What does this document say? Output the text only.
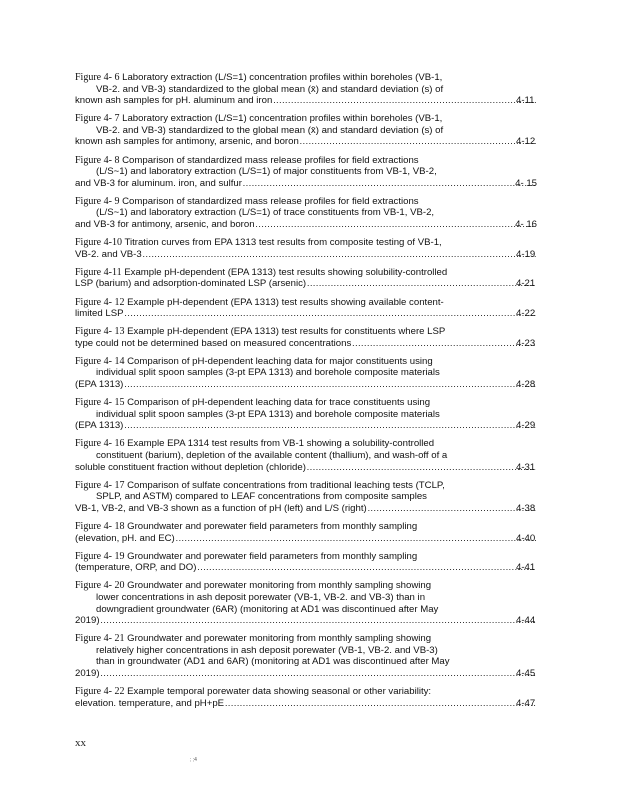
Figure 4- 6 Laboratory extraction (L/S=1) concentration profiles within boreholes (VB-1,
VB-2. and VB-3) standardized to the global mean (x̄) and standard deviation (s) of
known ash samples for pH. aluminum and iron .....	4-11
Figure 4- 7 Laboratory extraction (L/S=1) concentration profiles within boreholes (VB-1,
VB-2. and VB-3) standardized to the global mean (x̄) and standard deviation (s) of
known ash samples for antimony, arsenic, and boron .....	4-12
Figure 4- 8 Comparison of standardized mass release profiles for field extractions
(L/S~1) and laboratory extraction (L/S=1) of major constituents from VB-1, VB-2,
and VB-3 for aluminum. iron, and sulfur .....	4- 15
Figure 4- 9 Comparison of standardized mass release profiles for field extractions
(L/S~1) and laboratory extraction (L/S=1) of trace constituents from VB-1, VB-2,
and VB-3 for antimony, arsenic, and boron .....	4- 16
Figure 4-10 Titration curves from EPA 1313 test results from composite testing of VB-1,
VB-2. and VB-3 .....	4-19
Figure 4-11 Example pH-dependent (EPA 1313) test results showing solubility-controlled
LSP (barium) and adsorption-dominated LSP (arsenic) .....	4-21
Figure 4- 12 Example pH-dependent (EPA 1313) test results showing available content-
limited LSP .....	4-22
Figure 4- 13 Example pH-dependent (EPA 1313) test results for constituents where LSP
type could not be determined based on measured concentrations .....	4-23
Figure 4- 14 Comparison of pH-dependent leaching data for major constituents using
individual split spoon samples (3-pt EPA 1313) and borehole composite materials
(EPA 1313) .....	4-28
Figure 4- 15 Comparison of pH-dependent leaching data for trace constituents using
individual split spoon samples (3-pt EPA 1313) and borehole composite materials
(EPA 1313) .....	4-29
Figure 4- 16 Example EPA 1314 test results from VB-1 showing a solubility-controlled
constituent (barium), depletion of the available content (thallium), and wash-off of a
soluble constituent fraction without depletion (chloride) .....	4-31
Figure 4- 17 Comparison of sulfate concentrations from traditional leaching tests (TCLP,
SPLP, and ASTM) compared to LEAF concentrations from composite samples
VB-1, VB-2, and VB-3 shown as a function of pH (left) and L/S (right) .....	4-38
Figure 4- 18 Groundwater and porewater field parameters from monthly sampling
(elevation, pH. and EC) .....	4-40
Figure 4- 19 Groundwater and porewater field parameters from monthly sampling
(temperature, ORP, and DO) .....	4-41
Figure 4- 20 Groundwater and porewater monitoring from monthly sampling showing
lower concentrations in ash deposit porewater (VB-1, VB-2. and VB-3) than in
downgradient groundwater (6AR) (monitoring at AD1 was discontinued after May
2019) .....	4-44
Figure 4- 21 Groundwater and porewater monitoring from monthly sampling showing
relatively higher concentrations in ash deposit porewater (VB-1, VB-2. and VB-3)
than in groundwater (AD1 and 6AR) (monitoring at AD1 was discontinued after May
2019) .....	4-45
Figure 4- 22 Example temporal porewater data showing seasonal or other variability:
elevation. temperature, and pH+pE .....	4-47
xx
; ;4
